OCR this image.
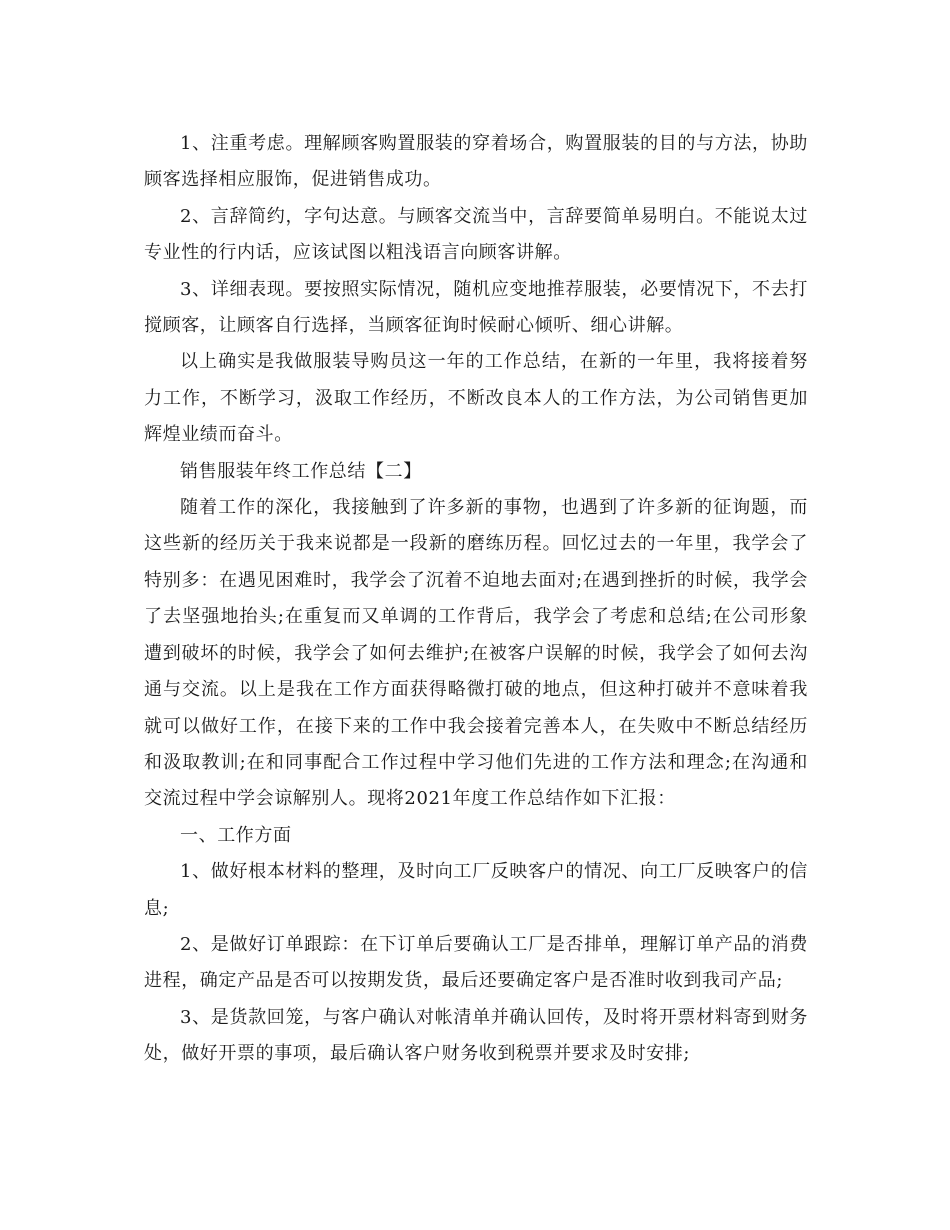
1、注重考虑。理解顾客购置服装的穿着场合，购置服装的目的与方法，协助顾客选择相应服饰，促进销售成功。

2、言辞简约，字句达意。与顾客交流当中，言辞要简单易明白。不能说太过专业性的行内话，应该试图以粗浅语言向顾客讲解。

3、详细表现。要按照实际情况，随机应变地推荐服装，必要情况下，不去打搅顾客，让顾客自行选择，当顾客征询时候耐心倾听、细心讲解。

以上确实是我做服装导购员这一年的工作总结，在新的一年里，我将接着努力工作，不断学习，汲取工作经历，不断改良本人的工作方法，为公司销售更加辉煌业绩而奋斗。

销售服装年终工作总结【二】

随着工作的深化，我接触到了许多新的事物，也遇到了许多新的征询题，而这些新的经历关于我来说都是一段新的磨练历程。回忆过去的一年里，我学会了特别多：在遇见困难时，我学会了沉着不迫地去面对;在遇到挫折的时候，我学会了去坚强地抬头;在重复而又单调的工作背后，我学会了考虑和总结;在公司形象遭到破坏的时候，我学会了如何去维护;在被客户误解的时候，我学会了如何去沟通与交流。以上是我在工作方面获得略微打破的地点，但这种打破并不意味着我就可以做好工作，在接下来的工作中我会接着完善本人，在失败中不断总结经历和汲取教训;在和同事配合工作过程中学习他们先进的工作方法和理念;在沟通和交流过程中学会谅解别人。现将2021年度工作总结作如下汇报：

一、工作方面

1、做好根本材料的整理，及时向工厂反映客户的情况、向工厂反映客户的信息;

2、是做好订单跟踪：在下订单后要确认工厂是否排单，理解订单产品的消费进程，确定产品是否可以按期发货，最后还要确定客户是否准时收到我司产品;

3、是货款回笼，与客户确认对帐清单并确认回传，及时将开票材料寄到财务处，做好开票的事项，最后确认客户财务收到税票并要求及时安排;
